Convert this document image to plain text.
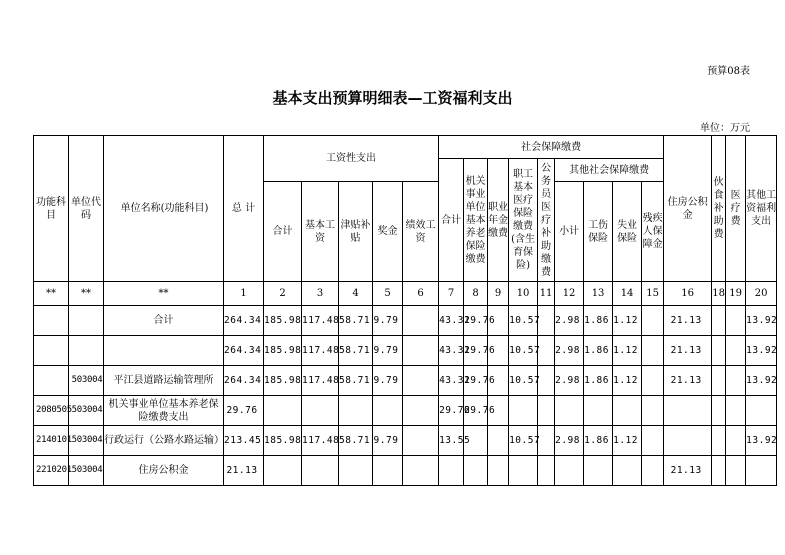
预算08表
基本支出预算明细表—工资福利支出
单位：万元
功能科目	单位代码	单位名称(功能科目)	总 计	工资性支出					社会保障缴费									住房公积金	伙食补助费	医疗费	其他工资福利支出
									合计	机关事业单位基本养老保险缴费	职业年金缴费	职工基本医疗保险缴费(含生育保险)	公务员医疗补助缴费	其他社会保障缴费							
				合计	基本工资	津贴补贴	奖金	绩效工资						小计	工伤保险	失业保险	残疾人保障金				
**	**	**	1	2	3	4	5	6	7	8	9	10	11	12	13	14	15	16	18	19	20
		合计	264.34	185.98	117.48	58.71	9.79		43.31	29.76		10.57		2.98	1.86	1.12		21.13			13.92
			264.34	185.98	117.48	58.71	9.79		43.31	29.76		10.57		2.98	1.86	1.12		21.13			13.92
	503004	平江县道路运输管理所	264.34	185.98	117.48	58.71	9.79		43.31	29.76		10.57		2.98	1.86	1.12		21.13			13.92
2080505	503004	机关事业单位基本养老保险缴费支出	29.76						29.76	29.76											
2140101	503004	行政运行（公路水路运输）	213.45	185.98	117.48	58.71	9.79		13.55			10.57		2.98	1.86	1.12					13.92
2210201	503004	住房公积金	21.13															21.13			
